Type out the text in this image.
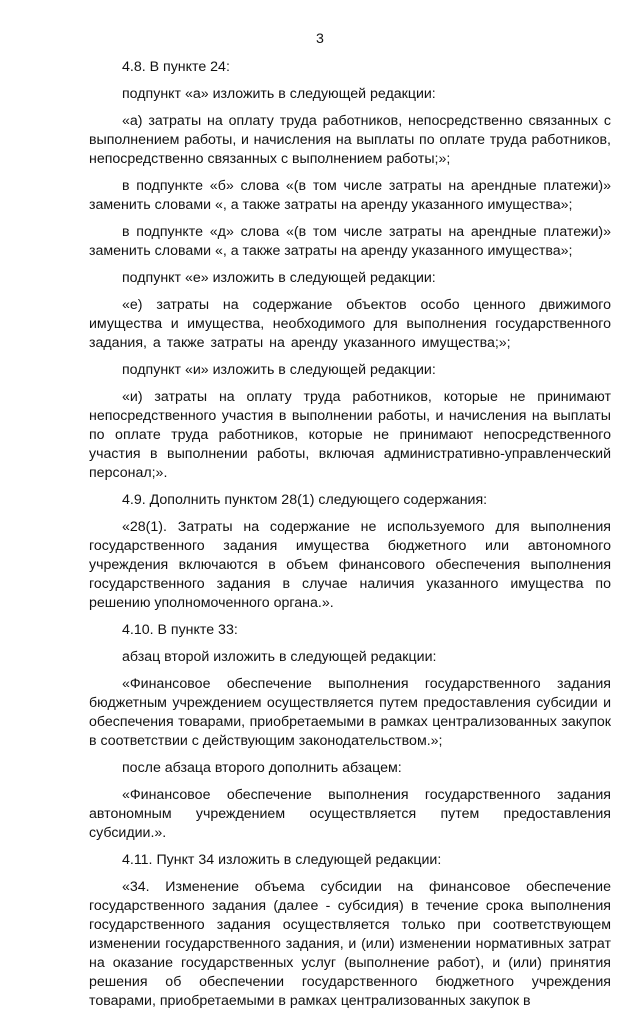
3

4.8. В пункте 24:

подпункт «а» изложить в следующей редакции:

«а) затраты на оплату труда работников, непосредственно связанных с выполнением работы, и начисления на выплаты по оплате труда работников, непосредственно связанных с выполнением работы;»;

в подпункте «б» слова «(в том числе затраты на арендные платежи)» заменить словами «, а также затраты на аренду указанного имущества»;

в подпункте «д» слова «(в том числе затраты на арендные платежи)» заменить словами «, а также затраты на аренду указанного имущества»;

подпункт «е» изложить в следующей редакции:

«е) затраты на содержание объектов особо ценного движимого имущества и имущества, необходимого для выполнения государственного задания, а также затраты на аренду указанного имущества;»;

подпункт «и» изложить в следующей редакции:

«и) затраты на оплату труда работников, которые не принимают непосредственного участия в выполнении работы, и начисления на выплаты по оплате труда работников, которые не принимают непосредственного участия в выполнении работы, включая административно-управленческий персонал;».

4.9. Дополнить пунктом 28(1) следующего содержания:

«28(1). Затраты на содержание не используемого для выполнения государственного задания имущества бюджетного или автономного учреждения включаются в объем финансового обеспечения выполнения государственного задания в случае наличия указанного имущества по решению уполномоченного органа.».

4.10. В пункте 33:

абзац второй изложить в следующей редакции:

«Финансовое обеспечение выполнения государственного задания бюджетным учреждением осуществляется путем предоставления субсидии и обеспечения товарами, приобретаемыми в рамках централизованных закупок в соответствии с действующим законодательством.»;

после абзаца второго дополнить абзацем:

«Финансовое обеспечение выполнения государственного задания автономным учреждением осуществляется путем предоставления субсидии.».

4.11. Пункт 34 изложить в следующей редакции:

«34. Изменение объема субсидии на финансовое обеспечение государственного задания (далее - субсидия) в течение срока выполнения государственного задания осуществляется только при соответствующем изменении государственного задания, и (или) изменении нормативных затрат на оказание государственных услуг (выполнение работ), и (или) принятия решения об обеспечении государственного бюджетного учреждения товарами, приобретаемыми в рамках централизованных закупок в
